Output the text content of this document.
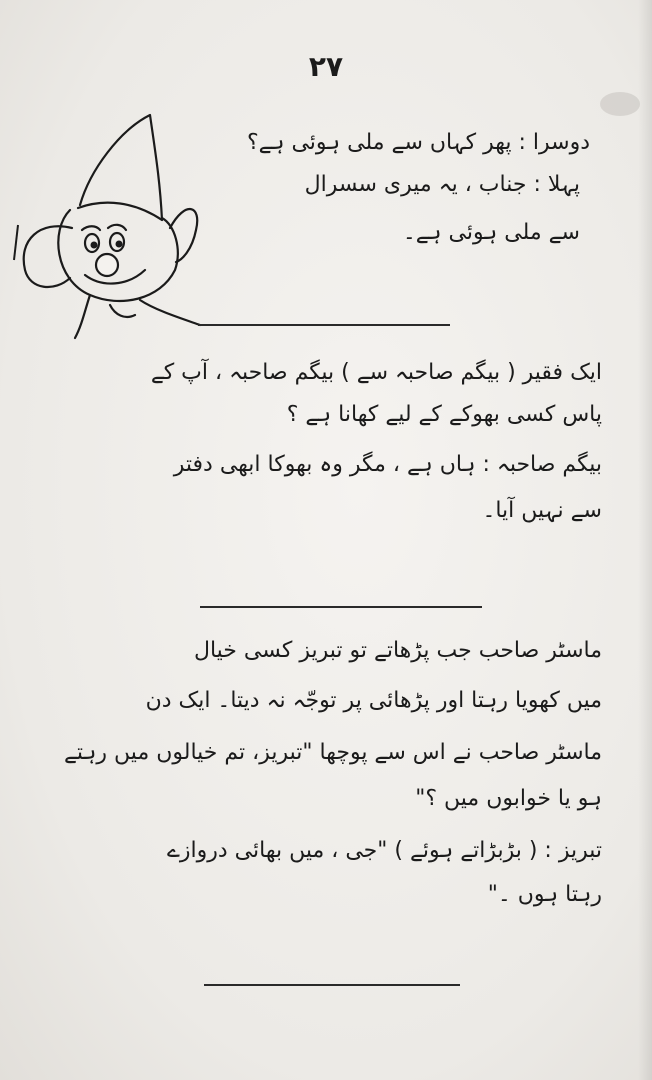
۲۷
دوسرا : پھر کہاں سے ملی ہوئی ہے؟
پہلا : جناب ، یہ میری سسرال
سے ملی ہوئی ہے۔
ایک فقیر ( بیگم صاحبہ سے ) بیگم صاحبہ ، آپ کے
پاس کسی بھوکے کے لیے کھانا ہے ؟
بیگم صاحبہ : ہاں ہے ، مگر وہ بھوکا ابھی دفتر
سے نہیں آیا۔
ماسٹر صاحب جب پڑھاتے تو تبریز کسی خیال
میں کھویا رہتا اور پڑھائی پر توجّہ نہ دیتا۔ ایک دن
ماسٹر صاحب نے اس سے پوچھا "تبریز، تم خیالوں میں رہتے
ہو یا خوابوں میں ؟"
تبریز : ( بڑبڑاتے ہوئے ) "جی ، میں بھائی دروازے
رہتا ہوں ۔"
